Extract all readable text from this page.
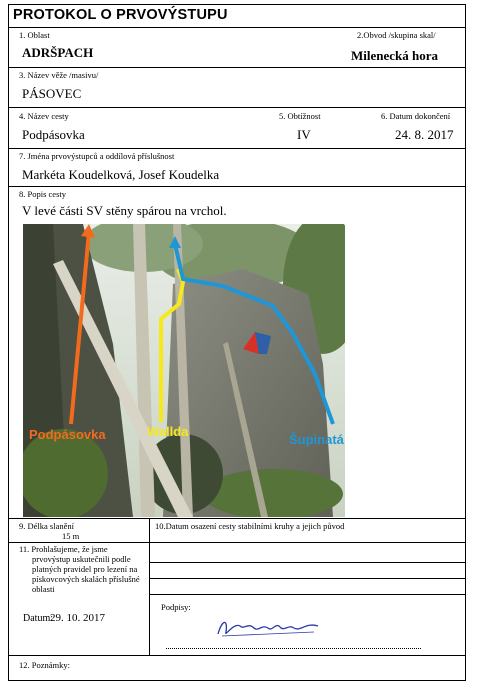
PROTOKOL O PRVOVÝSTUPU
1. Oblast
ADRŠPACH
2.Obvod /skupina skal/
Milenecká hora
3. Název věže /masivu/
PÁSOVEC
4. Název cesty
Podpásovka
5. Obtížnost
IV
6. Datum dokončení
24. 8. 2017
7. Jména prvovýstupců a oddílová příslušnost
Markéta Koudelková, Josef Koudelka
8. Popis cesty
V levé části SV stěny spárou na vrchol.
Podpásovka	Wallda
Šupinatá
9. Délka slanění
15 m
10.Datum osazení cesty stabilními kruhy a jejich původ
11. Prohlašujeme, že jsme
prvovýstup uskutečnili podle
platných pravidel pro lezení na
pískovcových skalách příslušné
oblasti
Datum:
29. 10. 2017
Podpisy:
12. Poznámky:
